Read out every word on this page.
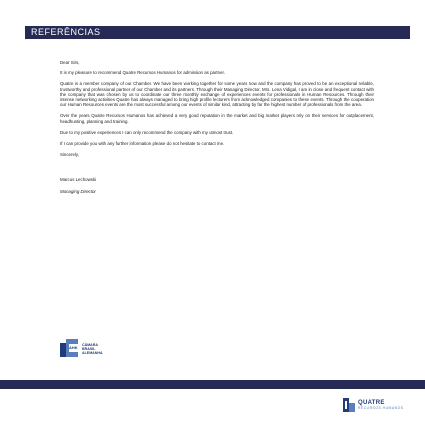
REFERÊNCIAS

Dear Sirs,

It is my pleasure to recommend Quatre Recursos Humanos for admission as partner.

Quatre is a member company of our Chamber. We have been working together for some years now and the company has proved to be an exceptional reliable, trustworthy and professional partner of our Chamber and its partners. Through their Managing Director, Mrs. Lena Vidigal, I am in close and frequent contact with the company that was chosen by us to coordinate our three monthly exchange of experiences events for professionals in Human Resources. Through their intense networking activities Quatre has always managed to bring high profile lecturers from acknowledged companies to these events. Through the cooperation our Human Resources events are the most successful among our events of similar kind, attracting by far the highest number of professionals from the area.

Over the years Quatre Recursos Humanos has achieved a very good reputation in the market and big market players rely on their services for outplacement, headhunting, planning and training.

Due to my positive experiences I can only recommend the company with my utmost trust.

If I can provide you with any further information please do not hesitate to contact me.

Sincerely,

Marcus Lechowski

Managing Director

AHK CÂMARA
BRASIL
ALEMANHA
QUATRE
RECURSOS HUMANOS
